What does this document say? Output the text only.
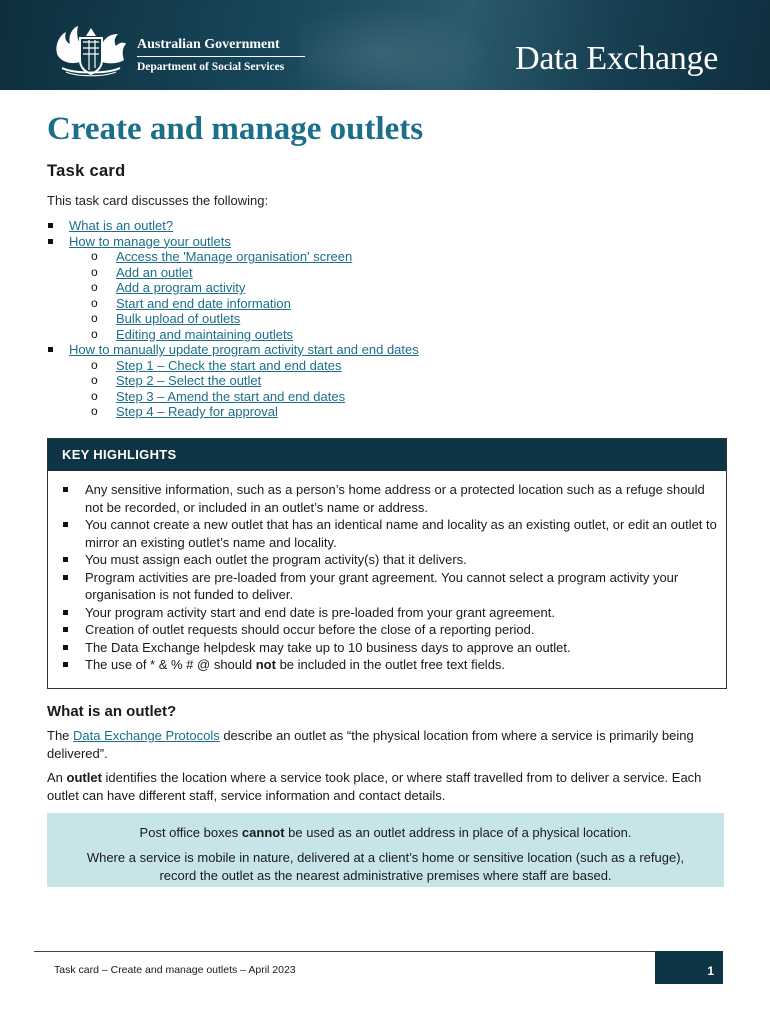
Australian Government
Department of Social Services	Data Exchange
Create and manage outlets
Task card

This task card discusses the following:

What is an outlet?
How to manage your outlets
o Access the 'Manage organisation' screen
o Add an outlet
o Add a program activity
o Start and end date information
o Bulk upload of outlets
o Editing and maintaining outlets
How to manually update program activity start and end dates
o Step 1 – Check the start and end dates
o Step 2 – Select the outlet
o Step 3 – Amend the start and end dates
o Step 4 – Ready for approval
KEY HIGHLIGHTS
Any sensitive information, such as a person’s home address or a protected location such as a refuge should not be recorded, or included in an outlet’s name or address.
You cannot create a new outlet that has an identical name and locality as an existing outlet, or edit an outlet to mirror an existing outlet’s name and locality.
You must assign each outlet the program activity(s) that it delivers.
Program activities are pre-loaded from your grant agreement. You cannot select a program activity your organisation is not funded to deliver.
Your program activity start and end date is pre-loaded from your grant agreement.
Creation of outlet requests should occur before the close of a reporting period.
The Data Exchange helpdesk may take up to 10 business days to approve an outlet.
The use of * & % # @ should not be included in the outlet free text fields.
What is an outlet?

The Data Exchange Protocols describe an outlet as “the physical location from where a service is primarily being delivered”.

An outlet identifies the location where a service took place, or where staff travelled from to deliver a service. Each outlet can have different staff, service information and contact details.

Post office boxes cannot be used as an outlet address in place of a physical location.
Where a service is mobile in nature, delivered at a client’s home or sensitive location (such as a refuge), record the outlet as the nearest administrative premises where staff are based.
Task card – Create and manage outlets – April 2023	1
